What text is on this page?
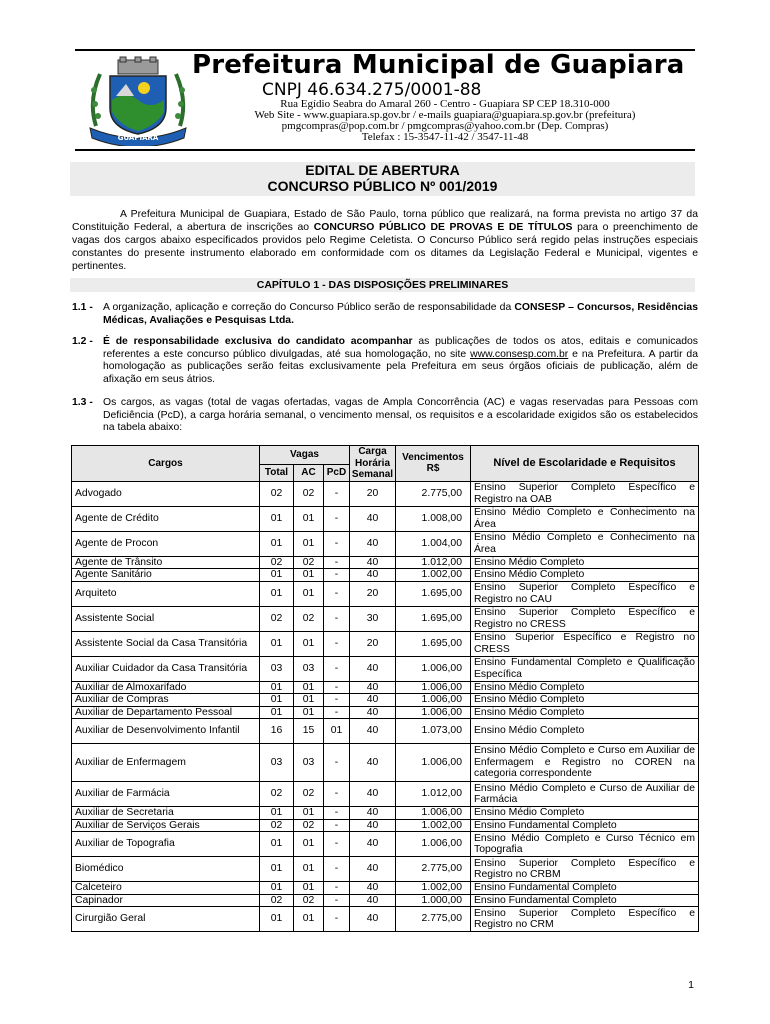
GUAPIARA
Prefeitura Municipal de Guapiara
CNPJ 46.634.275/0001-88
Rua Egídio Seabra do Amaral 260 - Centro - Guapiara SP CEP 18.310-000
Web Site - www.guapiara.sp.gov.br / e-mails guapiara@guapiara.sp.gov.br (prefeitura)
pmgcompras@pop.com.br / pmgcompras@yahoo.com.br (Dep. Compras)
Telefax : 15-3547-11-42 / 3547-11-48
EDITAL DE ABERTURA
CONCURSO PÚBLICO Nº 001/2019
A Prefeitura Municipal de Guapiara, Estado de São Paulo, torna público que realizará, na forma prevista no artigo 37 da Constituição Federal, a abertura de inscrições ao CONCURSO PÚBLICO DE PROVAS E DE TÍTULOS para o preenchimento de vagas dos cargos abaixo especificados providos pelo Regime Celetista. O Concurso Público será regido pelas instruções especiais constantes do presente instrumento elaborado em conformidade com os ditames da Legislação Federal e Municipal, vigentes e pertinentes.
CAPÍTULO 1 - DAS DISPOSIÇÕES PRELIMINARES
1.1 - A organização, aplicação e correção do Concurso Público serão de responsabilidade da CONSESP – Concursos, Residências Médicas, Avaliações e Pesquisas Ltda.
1.2 - É de responsabilidade exclusiva do candidato acompanhar as publicações de todos os atos, editais e comunicados referentes a este concurso público divulgadas, até sua homologação, no site www.consesp.com.br e na Prefeitura. A partir da homologação as publicações serão feitas exclusivamente pela Prefeitura em seus órgãos oficiais de publicação, além de afixação em seus átrios.
1.3 - Os cargos, as vagas (total de vagas ofertadas, vagas de Ampla Concorrência (AC) e vagas reservadas para Pessoas com Deficiência (PcD), a carga horária semanal, o vencimento mensal, os requisitos e a escolaridade exigidos são os estabelecidos na tabela abaixo:
Cargos	Vagas			Carga Horária Semanal	Vencimentos R$	Nível de Escolaridade e Requisitos
	Total	AC	PcD			
Advogado	02	02	-	20	2.775,00	Ensino Superior Completo Específico e Registro na OAB
Agente de Crédito	01	01	-	40	1.008,00	Ensino Médio Completo e Conhecimento na Área
Agente de Procon	01	01	-	40	1.004,00	Ensino Médio Completo e Conhecimento na Área
Agente de Trânsito	02	02	-	40	1.012,00	Ensino Médio Completo
Agente Sanitário	01	01	-	40	1.002,00	Ensino Médio Completo
Arquiteto	01	01	-	20	1.695,00	Ensino Superior Completo Específico e Registro no CAU
Assistente Social	02	02	-	30	1.695,00	Ensino Superior Completo Específico e Registro no CRESS
Assistente Social da Casa Transitória	01	01	-	20	1.695,00	Ensino Superior Específico e Registro no CRESS
Auxiliar Cuidador da Casa Transitória	03	03	-	40	1.006,00	Ensino Fundamental Completo e Qualificação Específica
Auxiliar de Almoxarifado	01	01	-	40	1.006,00	Ensino Médio Completo
Auxiliar de Compras	01	01	-	40	1.006,00	Ensino Médio Completo
Auxiliar de Departamento Pessoal	01	01	-	40	1.006,00	Ensino Médio Completo
Auxiliar de Desenvolvimento Infantil	16	15	01	40	1.073,00	Ensino Médio Completo
Auxiliar de Enfermagem	03	03	-	40	1.006,00	Ensino Médio Completo e Curso em Auxiliar de Enfermagem e Registro no COREN na categoria correspondente
Auxiliar de Farmácia	02	02	-	40	1.012,00	Ensino Médio Completo e Curso de Auxiliar de Farmácia
Auxiliar de Secretaria	01	01	-	40	1.006,00	Ensino Médio Completo
Auxiliar de Serviços Gerais	02	02	-	40	1.002,00	Ensino Fundamental Completo
Auxiliar de Topografia	01	01	-	40	1.006,00	Ensino Médio Completo e Curso Técnico em Topografia
Biomédico	01	01	-	40	2.775,00	Ensino Superior Completo Específico e Registro no CRBM
Calceteiro	01	01	-	40	1.002,00	Ensino Fundamental Completo
Capinador	02	02	-	40	1.000,00	Ensino Fundamental Completo
Cirurgião Geral	01	01	-	40	2.775,00	Ensino Superior Completo Específico e Registro no CRM
1
